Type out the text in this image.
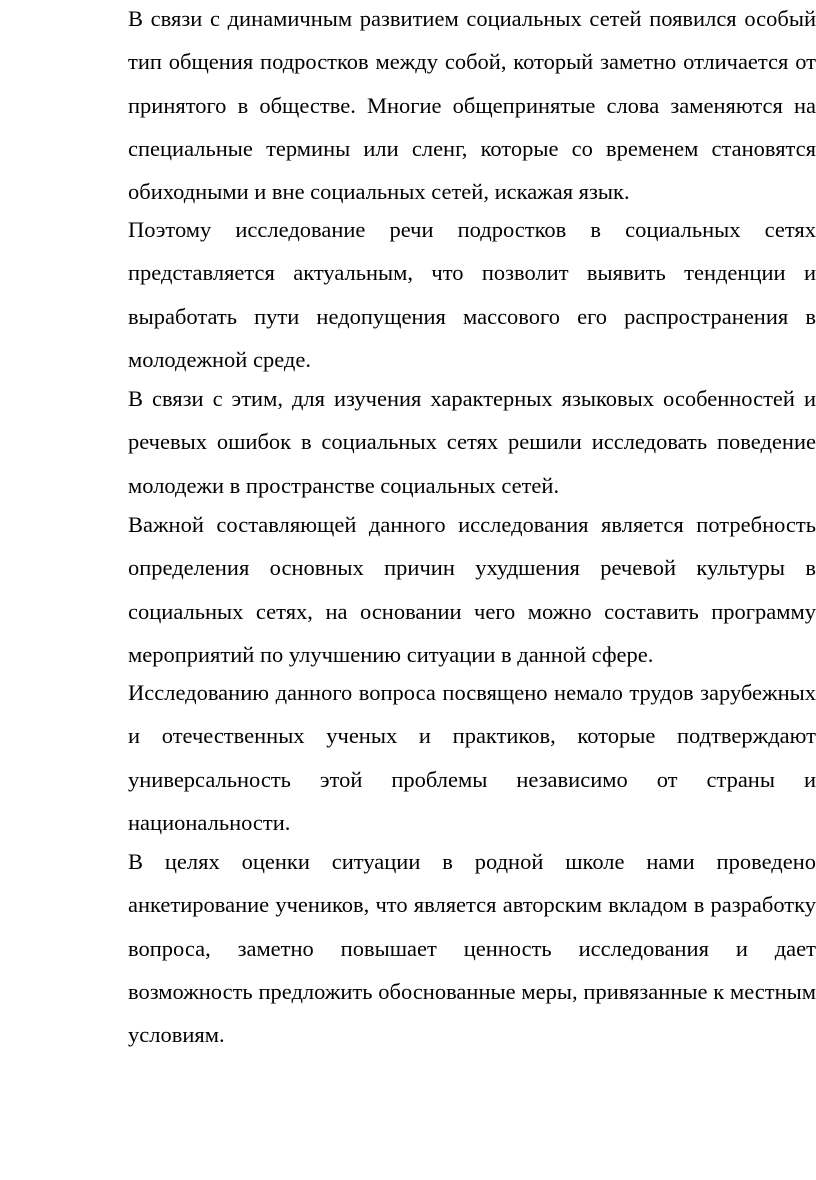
В связи с динамичным развитием социальных сетей появился особый тип общения подростков между собой, который заметно отличается от принятого в обществе. Многие общепринятые слова заменяются на специальные термины или сленг, которые со временем становятся обиходными и вне социальных сетей, искажая язык.

Поэтому исследование речи подростков в социальных сетях представляется актуальным, что позволит выявить тенденции и выработать пути недопущения массового его распространения в молодежной среде.

В связи с этим, для изучения характерных языковых особенностей и речевых ошибок в социальных сетях решили исследовать поведение молодежи в пространстве социальных сетей.

Важной составляющей данного исследования является потребность определения основных причин ухудшения речевой культуры в социальных сетях, на основании чего можно составить программу мероприятий по улучшению ситуации в данной сфере.

Исследованию данного вопроса посвящено немало трудов зарубежных и отечественных ученых и практиков, которые подтверждают универсальность этой проблемы независимо от страны и национальности.

В целях оценки ситуации в родной школе нами проведено анкетирование учеников, что является авторским вкладом в разработку вопроса, заметно повышает ценность исследования и дает возможность предложить обоснованные меры, привязанные к местным условиям.
